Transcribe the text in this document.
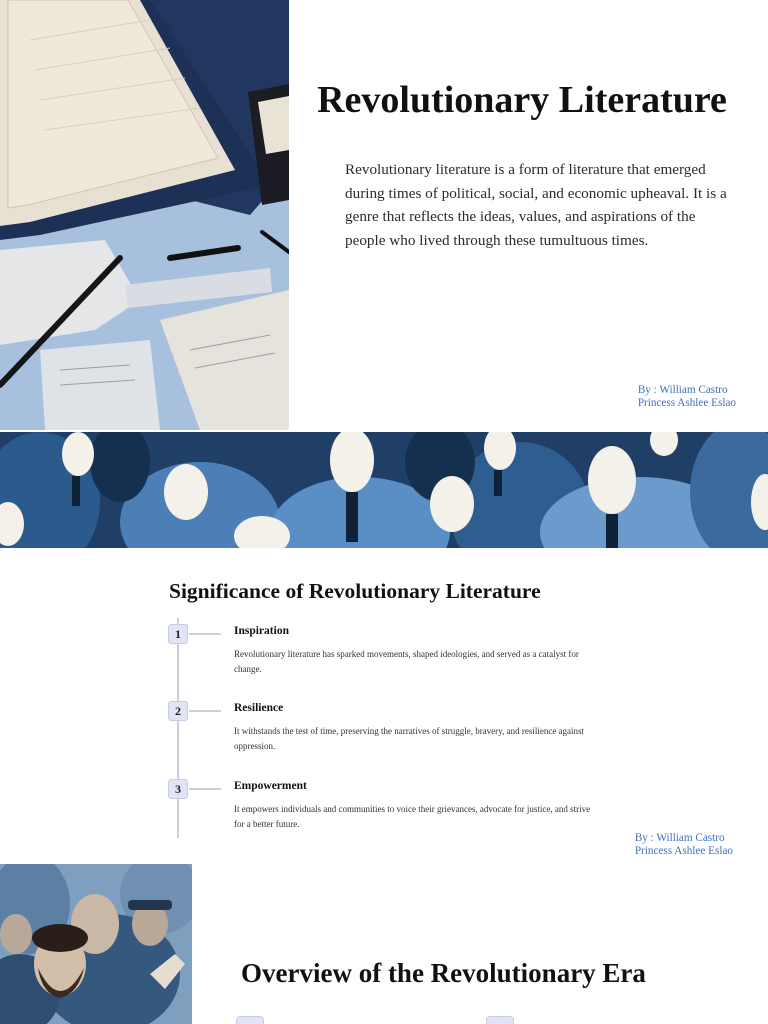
Revolutionary Literature

Revolutionary literature is a form of literature that emerged during times of political, social, and economic upheaval. It is a genre that reflects the ideas, values, and aspirations of the people who lived through these tumultuous times.

By : William Castro
Princess Ashlee Eslao
Significance of Revolutionary Literature
1	Inspiration
Revolutionary literature has sparked movements, shaped ideologies, and served as a catalyst for change.
2	Resilience
It withstands the test of time, preserving the narratives of struggle, bravery, and resilience against oppression.
3	Empowerment
It empowers individuals and communities to voice their grievances, advocate for justice, and strive for a better future.
By : William Castro
Princess Ashlee Eslao
Overview of the Revolutionary Era
